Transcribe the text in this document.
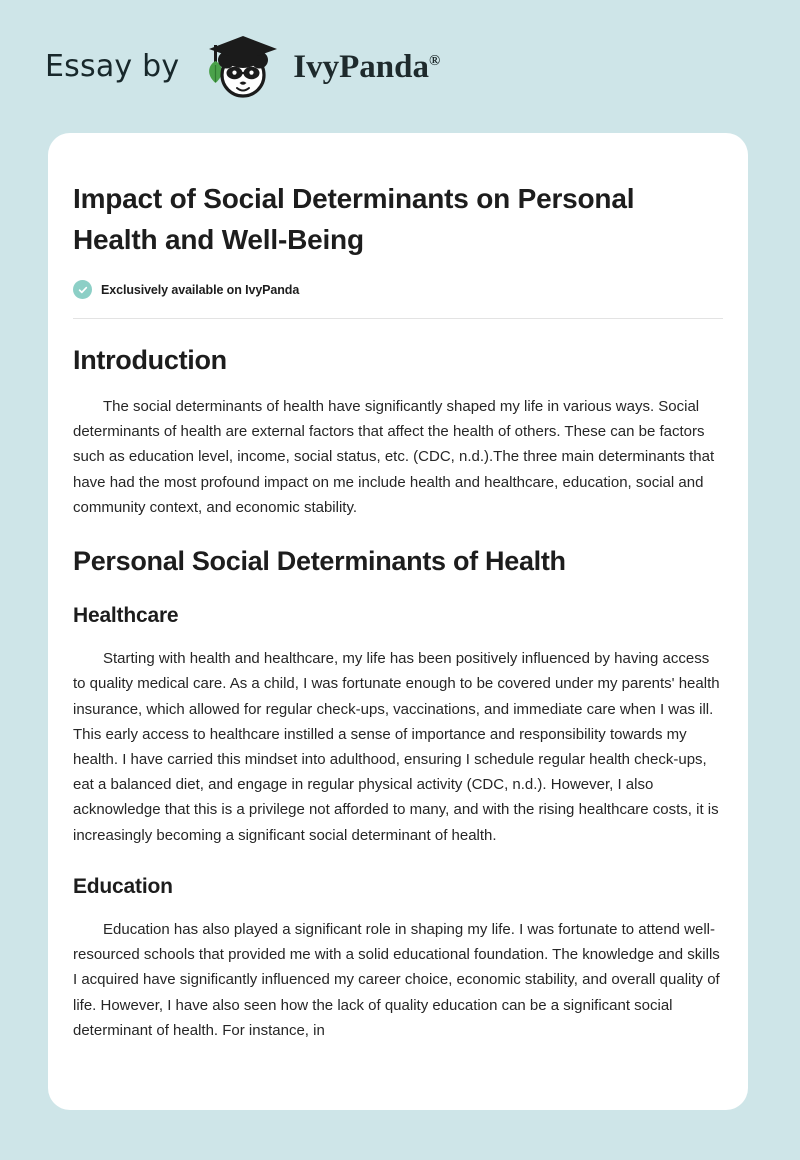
Essay by	IvyPanda®
Impact of Social Determinants on Personal Health and Well-Being
Exclusively available on IvyPanda
Introduction

The social determinants of health have significantly shaped my life in various ways. Social determinants of health are external factors that affect the health of others. These can be factors such as education level, income, social status, etc. (CDC, n.d.).The three main determinants that have had the most profound impact on me include health and healthcare, education, social and community context, and economic stability.

Personal Social Determinants of Health
Healthcare

Starting with health and healthcare, my life has been positively influenced by having access to quality medical care. As a child, I was fortunate enough to be covered under my parents' health insurance, which allowed for regular check-ups, vaccinations, and immediate care when I was ill. This early access to healthcare instilled a sense of importance and responsibility towards my health. I have carried this mindset into adulthood, ensuring I schedule regular health check-ups, eat a balanced diet, and engage in regular physical activity (CDC, n.d.). However, I also acknowledge that this is a privilege not afforded to many, and with the rising healthcare costs, it is increasingly becoming a significant social determinant of health.

Education

Education has also played a significant role in shaping my life. I was fortunate to attend well-resourced schools that provided me with a solid educational foundation. The knowledge and skills I acquired have significantly influenced my career choice, economic stability, and overall quality of life. However, I have also seen how the lack of quality education can be a significant social determinant of health. For instance, in
